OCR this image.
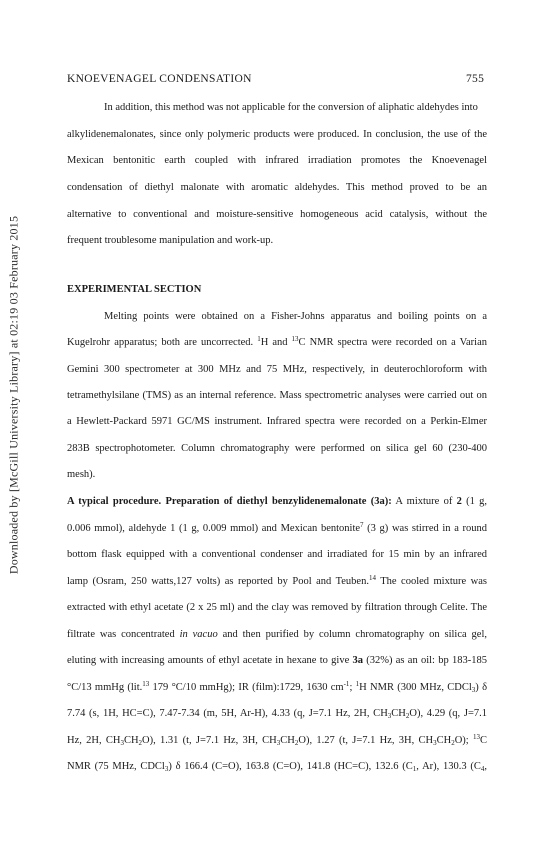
Downloaded by [McGill University Library] at 02:19 03 February 2015
KNOEVENAGEL CONDENSATION	755
In addition, this method was not applicable for the conversion of aliphatic aldehydes into
alkylidenemalonates, since only polymeric products were produced. In conclusion, the use of the
Mexican bentonitic earth coupled with infrared irradiation promotes the Knoevenagel
condensation of diethyl malonate with aromatic aldehydes. This method proved to be an
alternative to conventional and moisture-sensitive homogeneous acid catalysis, without the
frequent troublesome manipulation and work-up.
EXPERIMENTAL SECTION
Melting points were obtained on a Fisher-Johns apparatus and boiling points on a
Kugelrohr apparatus; both are uncorrected. $^1$H and $^{13}$C NMR spectra were recorded on a Varian
Gemini 300 spectrometer at 300 MHz and 75 MHz, respectively, in deuterochloroform with
tetramethylsilane (TMS) as an internal reference. Mass spectrometric analyses were carried out on
a Hewlett-Packard 5971 GC/MS instrument. Infrared spectra were recorded on a Perkin-Elmer
283B spectrophotometer. Column chromatography were performed on silica gel 60 (230-400
mesh).
A typical procedure. Preparation of diethyl benzylidenemalonate (3a): A mixture of 2 (1 g,
0.006 mmol), aldehyde 1 (1 g, 0.009 mmol) and Mexican bentonite$^7$ (3 g) was stirred in a round
bottom flask equipped with a conventional condenser and irradiated for 15 min by an infrared
lamp (Osram, 250 watts,127 volts) as reported by Pool and Teuben.$^{14}$ The cooled mixture was
extracted with ethyl acetate (2 x 25 ml) and the clay was removed by filtration through Celite. The
filtrate was concentrated in vacuo and then purified by column chromatography on silica gel,
eluting with increasing amounts of ethyl acetate in hexane to give 3a (32%) as an oil: bp 183-185
°C/13 mmHg (lit.$^{13}$ 179 °C/10 mmHg); IR (film):1729, 1630 $cm^{-1}$; $^1$H NMR (300 MHz, CDCl$_3$) δ
7.74 (s, 1H, HC=C), 7.47-7.34 (m, 5H, Ar-H), 4.33 (q, J=7.1 Hz, 2H, $CH_3CH_2O$), 4.29 (q, J=7.1
Hz, 2H, $CH_3CH_2O$), 1.31 (t, J=7.1 Hz, 3H, $CH_3CH_2O$), 1.27 (t, J=7.1 Hz, 3H, $CH_3CH_2O$); $^{13}$C
NMR (75 MHz, CDCl$_3$) δ 166.4 (C=O), 163.8 (C=O), 141.8 (HC=C), 132.6 ($C_1$, Ar), 130.3 ($C_4$,
